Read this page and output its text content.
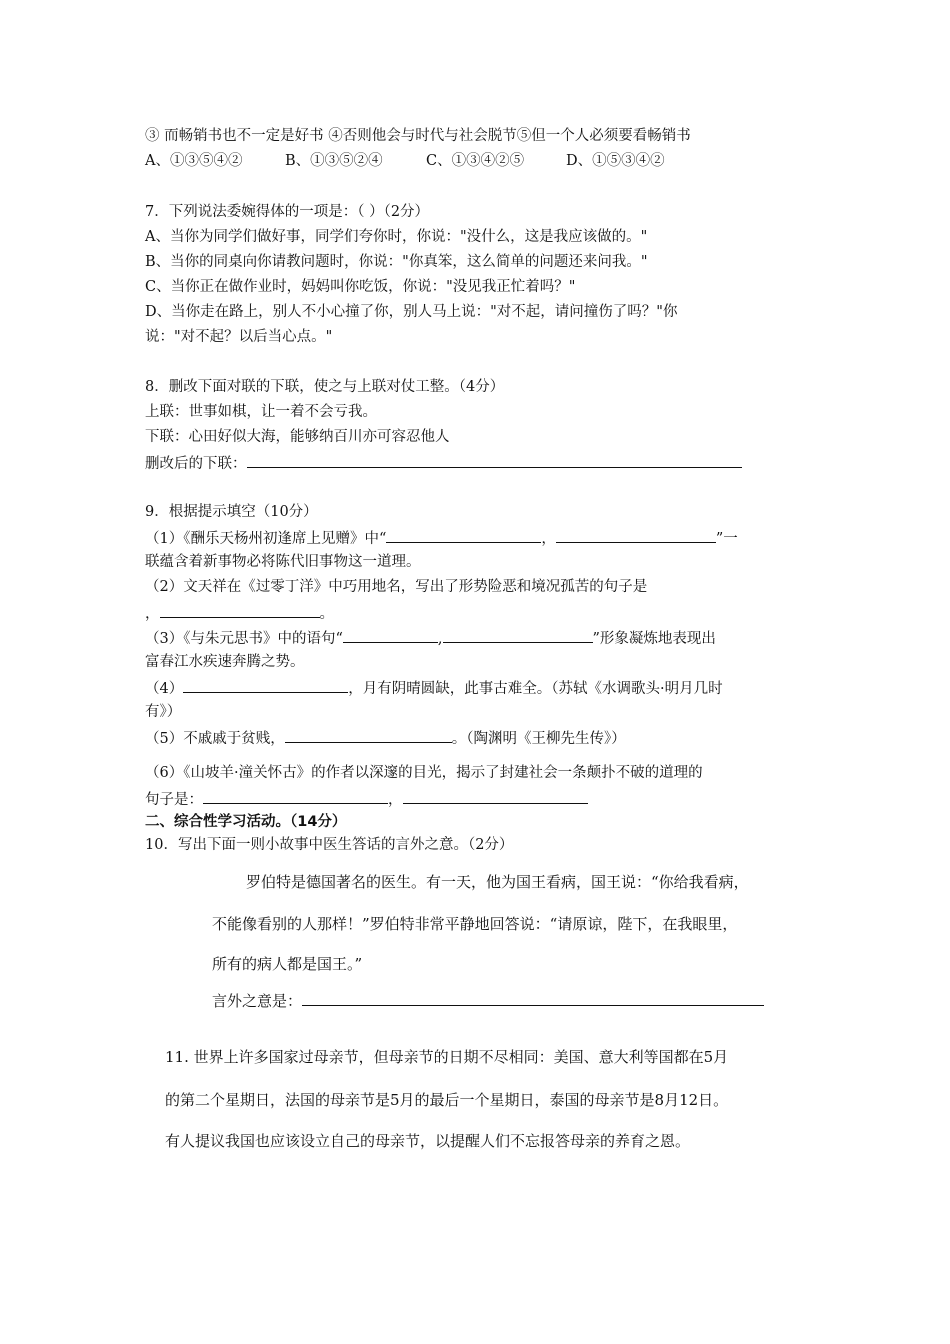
③ 而畅销书也不一定是好书 ④否则他会与时代与社会脱节⑤但一个人必须要看畅销书
A、①③⑤④②	B、①③⑤②④	C、①③④②⑤	D、①⑤③④②
7．下列说法委婉得体的一项是：（ ）（2分）
A、当你为同学们做好事，同学们夸你时，你说："没什么，这是我应该做的。"
B、当你的同桌向你请教问题时，你说："你真笨，这么简单的问题还来问我。"
C、当你正在做作业时，妈妈叫你吃饭，你说："没见我正忙着吗？"
D、当你走在路上，别人不小心撞了你，别人马上说："对不起，请问撞伤了吗？"你
说："对不起？以后当心点。"
8．删改下面对联的下联，使之与上联对仗工整。（4分）
上联：世事如棋，让一着不会亏我。
下联：心田好似大海，能够纳百川亦可容忍他人
删改后的下联：
9．根据提示填空（10分）
（1）《酬乐天杨州初逢席上见赠》中“	，	”一
联蕴含着新事物必将陈代旧事物这一道理。
（2）文天祥在《过零丁洋》中巧用地名，写出了形势险恶和境况孤苦的句子是
，	。
（3）《与朱元思书》中的语句“	,	”形象凝炼地表现出
富春江水疾速奔腾之势。
（4）	，月有阴晴圆缺，此事古难全。（苏轼《水调歌头·明月几时
有》）
（5）不戚戚于贫贱，	。（陶渊明《王柳先生传》）
（6）《山坡羊·潼关怀古》的作者以深邃的目光，揭示了封建社会一条颠扑不破的道理的
句子是：	，
二、综合性学习活动。（14分）
10．写出下面一则小故事中医生答话的言外之意。（2分）
罗伯特是德国著名的医生。有一天，他为国王看病，国王说：“你给我看病，
不能像看别的人那样！”罗伯特非常平静地回答说：“请原谅，陛下，在我眼里，
所有的病人都是国王。”
言外之意是：
11. 世界上许多国家过母亲节，但母亲节的日期不尽相同：美国、意大利等国都在5月
的第二个星期日，法国的母亲节是5月的最后一个星期日，泰国的母亲节是8月12日。
有人提议我国也应该设立自己的母亲节，以提醒人们不忘报答母亲的养育之恩。
